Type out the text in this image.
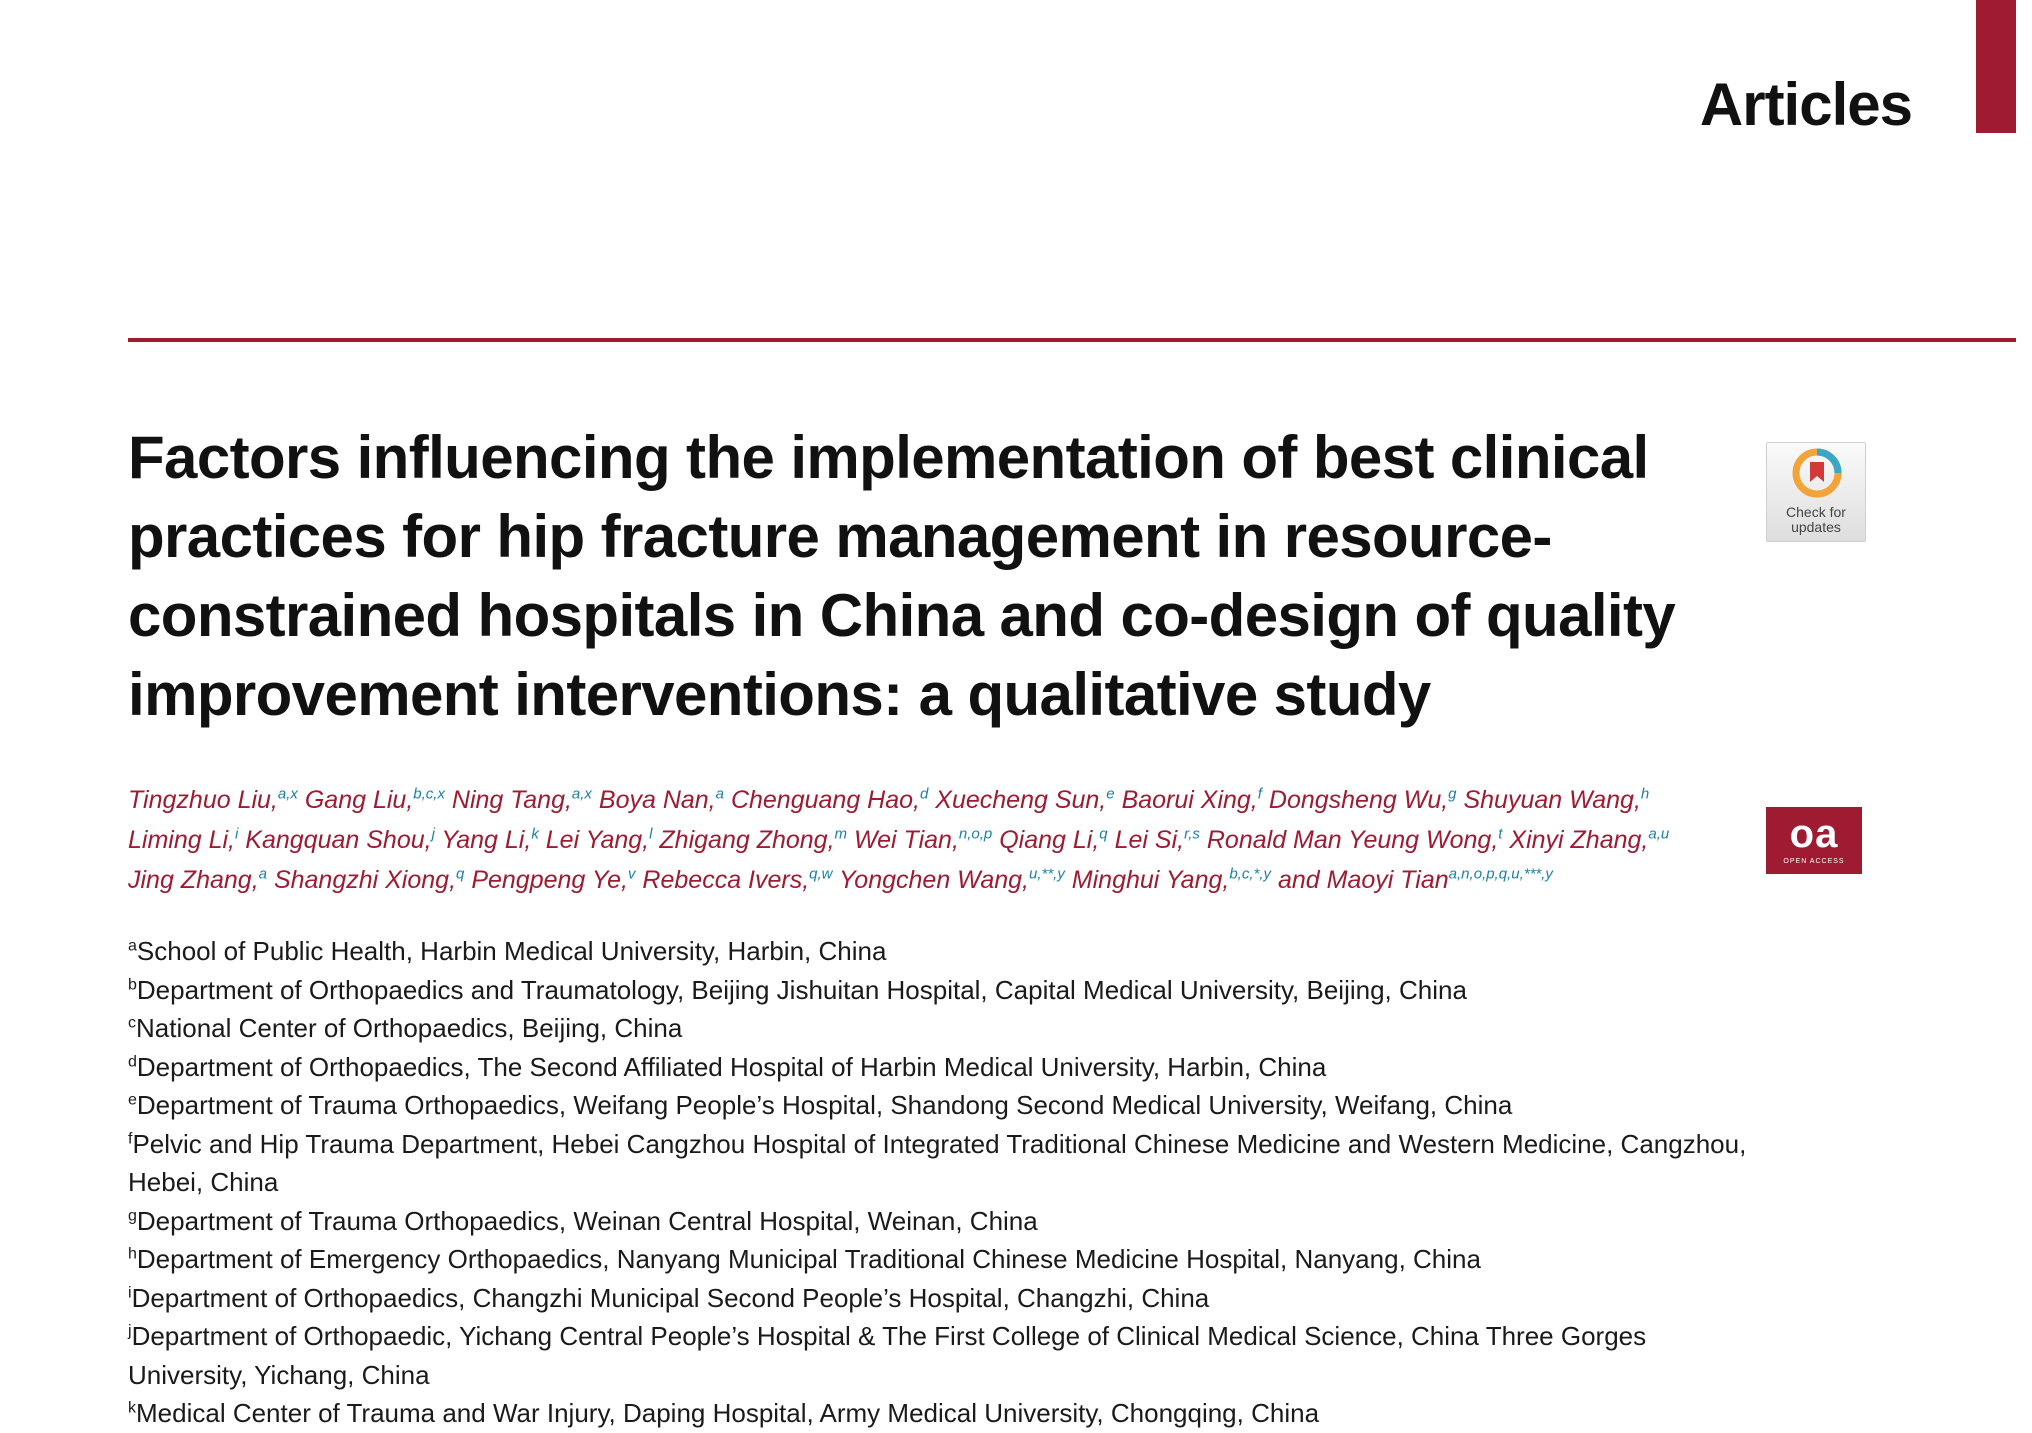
Articles
Factors influencing the implementation of best clinical practices for hip fracture management in resource-constrained hospitals in China and co-design of quality improvement interventions: a qualitative study
Check for
updates
oa
OPEN ACCESS

Tingzhuo Liu,$^{a,x}$ Gang Liu,$^{b,c,x}$ Ning Tang,$^{a,x}$ Boya Nan,$^a$ Chenguang Hao,$^d$ Xuecheng Sun,$^e$ Baorui Xing,$^f$ Dongsheng Wu,$^g$ Shuyuan Wang,$^h$ Liming Li,$^i$ Kangquan Shou,$^j$ Yang Li,$^k$ Lei Yang,$^l$ Zhigang Zhong,$^m$ Wei Tian,$^{n,o,p}$ Qiang Li,$^q$ Lei Si,$^{r,s}$ Ronald Man Yeung Wong,$^t$ Xinyi Zhang,$^{a,u}$ Jing Zhang,$^a$ Shangzhi Xiong,$^q$ Pengpeng Ye,$^v$ Rebecca Ivers,$^{q,w}$ Yongchen Wang,$^{u,**,y}$ Minghui Yang,$^{b,c,*,y}$ and Maoyi Tian$^{a,n,o,p,q,u,***,y}$

$^a$School of Public Health, Harbin Medical University, Harbin, China
$^b$Department of Orthopaedics and Traumatology, Beijing Jishuitan Hospital, Capital Medical University, Beijing, China
$^c$National Center of Orthopaedics, Beijing, China
$^d$Department of Orthopaedics, The Second Affiliated Hospital of Harbin Medical University, Harbin, China
$^e$Department of Trauma Orthopaedics, Weifang People’s Hospital, Shandong Second Medical University, Weifang, China
$^f$Pelvic and Hip Trauma Department, Hebei Cangzhou Hospital of Integrated Traditional Chinese Medicine and Western Medicine, Cangzhou, Hebei, China
$^g$Department of Trauma Orthopaedics, Weinan Central Hospital, Weinan, China
$^h$Department of Emergency Orthopaedics, Nanyang Municipal Traditional Chinese Medicine Hospital, Nanyang, China
$^i$Department of Orthopaedics, Changzhi Municipal Second People’s Hospital, Changzhi, China
$^j$Department of Orthopaedic, Yichang Central People’s Hospital & The First College of Clinical Medical Science, China Three Gorges University, Yichang, China
$^k$Medical Center of Trauma and War Injury, Daping Hospital, Army Medical University, Chongqing, China
